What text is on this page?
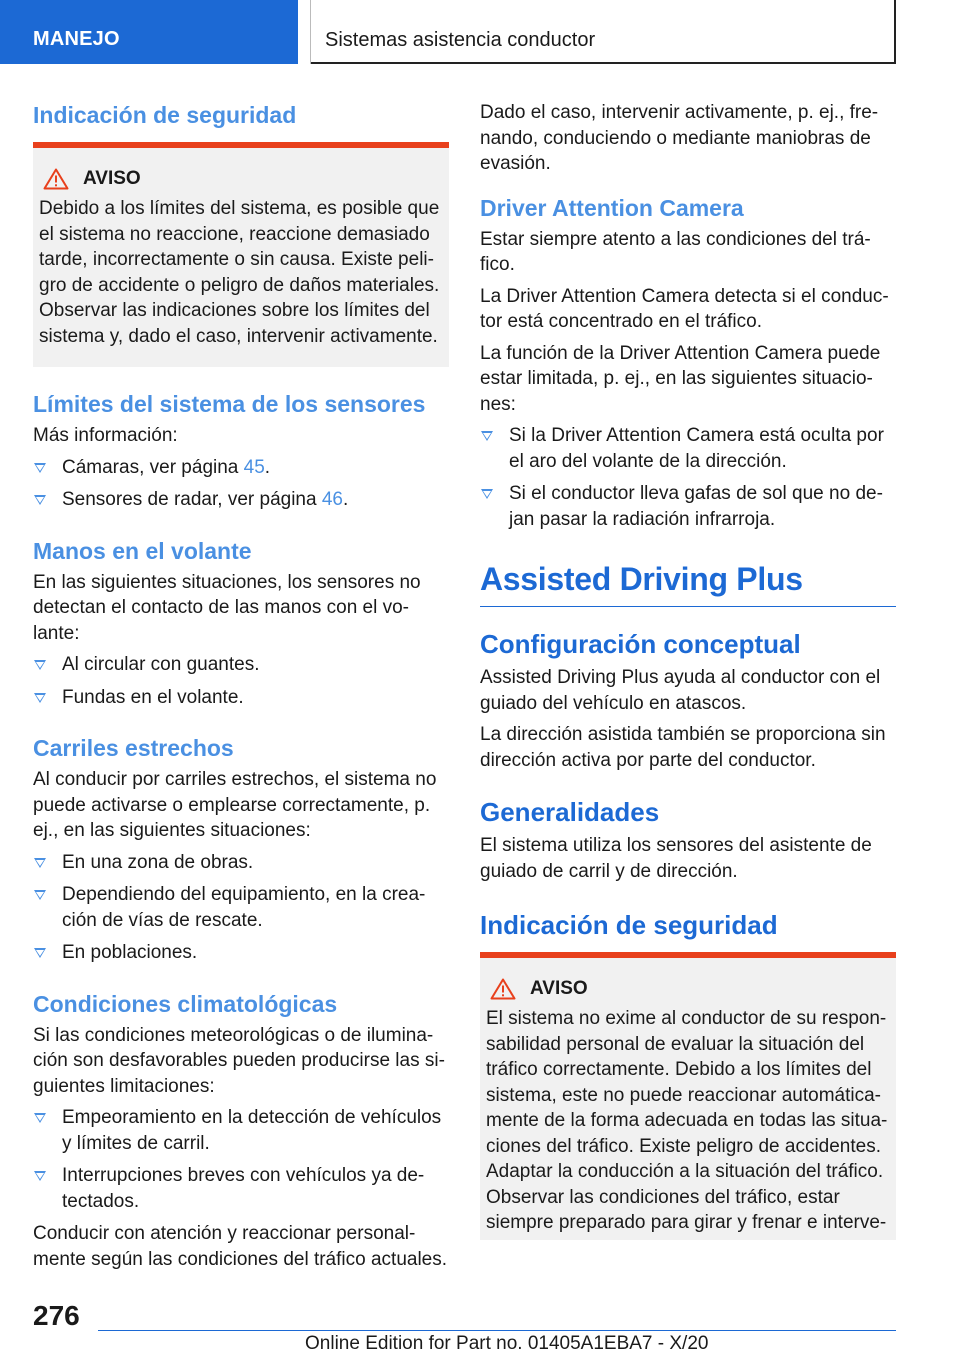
MANEJO	Sistemas asistencia conductor
Indicación de seguridad
AVISO

Debido a los límites del sistema, es posible que el sistema no reaccione, reaccione demasiado tarde, incorrectamente o sin causa. Existe peli-gro de accidente o peligro de daños materiales. Observar las indicaciones sobre los límites del sistema y, dado el caso, intervenir activamente.

Límites del sistema de los sensores

Más información:

Cámaras, ver página 45.
Sensores de radar, ver página 46.
Manos en el volante

En las siguientes situaciones, los sensores no detectan el contacto de las manos con el vo-lante:

Al circular con guantes.
Fundas en el volante.
Carriles estrechos

Al conducir por carriles estrechos, el sistema no puede activarse o emplearse correctamente, p. ej., en las siguientes situaciones:

En una zona de obras.
Dependiendo del equipamiento, en la crea-ción de vías de rescate.
En poblaciones.
Condiciones climatológicas

Si las condiciones meteorológicas o de ilumina-ción son desfavorables pueden producirse las si-guientes limitaciones:

Empeoramiento en la detección de vehículos y límites de carril.
Interrupciones breves con vehículos ya de-tectados.

Conducir con atención y reaccionar personal-mente según las condiciones del tráfico actuales.

Dado el caso, intervenir activamente, p. ej., fre-nando, conduciendo o mediante maniobras de evasión.

Driver Attention Camera

Estar siempre atento a las condiciones del trá-fico.

La Driver Attention Camera detecta si el conduc-tor está concentrado en el tráfico.

La función de la Driver Attention Camera puede estar limitada, p. ej., en las siguientes situacio-nes:

Si la Driver Attention Camera está oculta por el aro del volante de la dirección.
Si el conductor lleva gafas de sol que no de-jan pasar la radiación infrarroja.
Assisted Driving Plus
Configuración conceptual

Assisted Driving Plus ayuda al conductor con el guiado del vehículo en atascos.

La dirección asistida también se proporciona sin dirección activa por parte del conductor.

Generalidades

El sistema utiliza los sensores del asistente de guiado de carril y de dirección.

Indicación de seguridad
AVISO

El sistema no exime al conductor de su respon-sabilidad personal de evaluar la situación del tráfico correctamente. Debido a los límites del sistema, este no puede reaccionar automática-mente de la forma adecuada en todas las situa-ciones del tráfico. Existe peligro de accidentes. Adaptar la conducción a la situación del tráfico. Observar las condiciones del tráfico, estar siempre preparado para girar y frenar e interve-

276
Online Edition for Part no. 01405A1EBA7 - X/20
